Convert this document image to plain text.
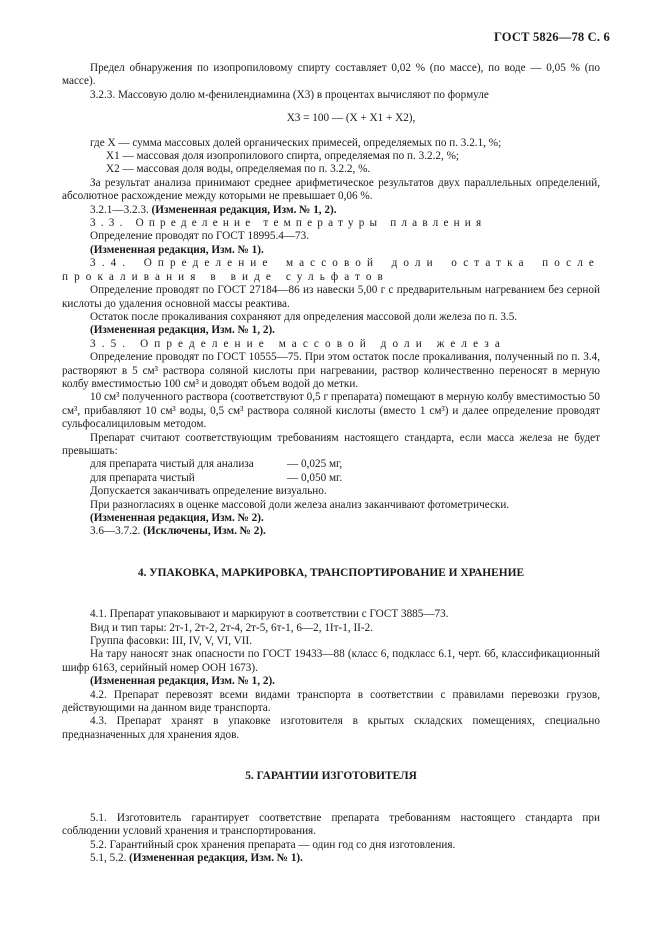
ГОСТ 5826—78 С. 6

Предел обнаружения по изопропиловому спирту составляет 0,02 % (по массе), по воде — 0,05 % (по массе).

3.2.3. Массовую долю м-фенилендиамина (X3) в процентах вычисляют по формуле

X3 = 100 — (X + X1 + X2),

где X — сумма массовых долей органических примесей, определяемых по п. 3.2.1, %;

X1 — массовая доля изопропилового спирта, определяемая по п. 3.2.2, %;

X2 — массовая доля воды, определяемая по п. 3.2.2, %.

За результат анализа принимают среднее арифметическое результатов двух параллельных определений, абсолютное расхождение между которыми не превышает 0,06 %.

3.2.1—3.2.3. (Измененная редакция, Изм. № 1, 2).

3.3. Определение температуры плавления

Определение проводят по ГОСТ 18995.4—73.

(Измененная редакция, Изм. № 1).

3.4. Определение массовой доли остатка после прокаливания в виде сульфатов

Определение проводят по ГОСТ 27184—86 из навески 5,00 г с предварительным нагреванием без серной кислоты до удаления основной массы реактива.

Остаток после прокаливания сохраняют для определения массовой доли железа по п. 3.5.

(Измененная редакция, Изм. № 1, 2).

3.5. Определение массовой доли железа

Определение проводят по ГОСТ 10555—75. При этом остаток после прокаливания, полученный по п. 3.4, растворяют в 5 см³ раствора соляной кислоты при нагревании, раствор количественно переносят в мерную колбу вместимостью 100 см³ и доводят объем водой до метки.

10 см³ полученного раствора (соответствуют 0,5 г препарата) помещают в мерную колбу вместимостью 50 см³, прибавляют 10 см³ воды, 0,5 см³ раствора соляной кислоты (вместо 1 см³) и далее определение проводят сульфосалициловым методом.

Препарат считают соответствующим требованиям настоящего стандарта, если масса железа не будет превышать:

для препарата чистый для анализа	— 0,025 мг,
для препарата чистый	— 0,050 мг.

Допускается заканчивать определение визуально.

При разногласиях в оценке массовой доли железа анализ заканчивают фотометрически.

(Измененная редакция, Изм. № 2).

3.6—3.7.2. (Исключены, Изм. № 2).

4. УПАКОВКА, МАРКИРОВКА, ТРАНСПОРТИРОВАНИЕ И ХРАНЕНИЕ

4.1. Препарат упаковывают и маркируют в соответствии с ГОСТ 3885—73.

Вид и тип тары: 2т-1, 2т-2, 2т-4, 2т-5, 6т-1, 6—2, 1Іт-1, ІІ-2.

Группа фасовки: ІІІ, IV, V, VI, VII.

На тару наносят знак опасности по ГОСТ 19433—88 (класс 6, подкласс 6.1, черт. 6б, классификационный шифр 6163, серийный номер ООН 1673).

(Измененная редакция, Изм. № 1, 2).

4.2. Препарат перевозят всеми видами транспорта в соответствии с правилами перевозки грузов, действующими на данном виде транспорта.

4.3. Препарат хранят в упаковке изготовителя в крытых складских помещениях, специально предназначенных для хранения ядов.

5. ГАРАНТИИ ИЗГОТОВИТЕЛЯ

5.1. Изготовитель гарантирует соответствие препарата требованиям настоящего стандарта при соблюдении условий хранения и транспортирования.

5.2. Гарантийный срок хранения препарата — один год со дня изготовления.

5.1, 5.2. (Измененная редакция, Изм. № 1).
